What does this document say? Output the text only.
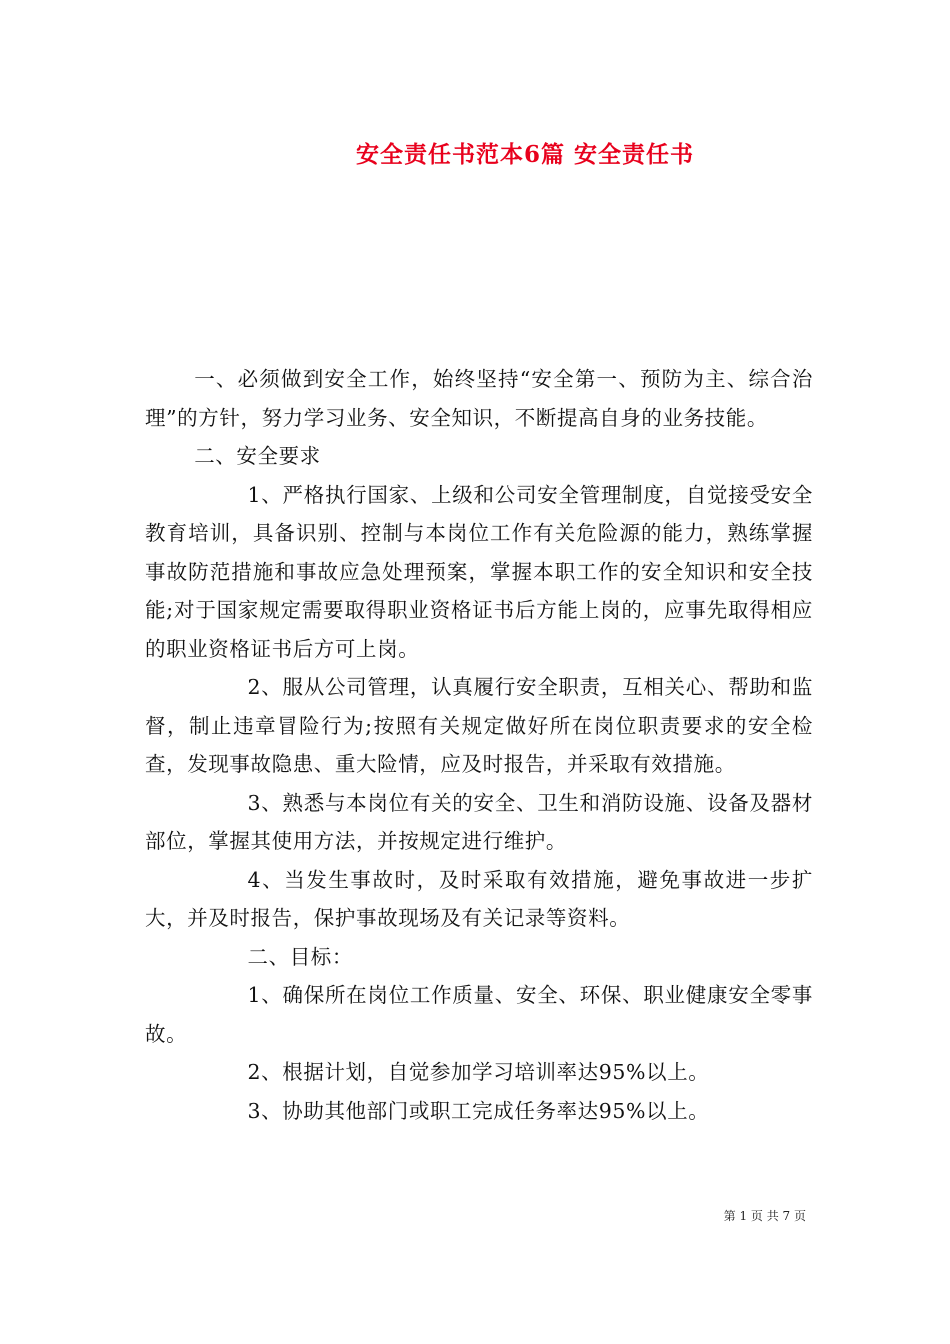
安全责任书范本6篇 安全责任书

一、必须做到安全工作，始终坚持“安全第一、预防为主、综合治理”的方针，努力学习业务、安全知识，不断提高自身的业务技能。

二、安全要求

1、严格执行国家、上级和公司安全管理制度，自觉接受安全教育培训，具备识别、控制与本岗位工作有关危险源的能力，熟练掌握事故防范措施和事故应急处理预案，掌握本职工作的安全知识和安全技能;对于国家规定需要取得职业资格证书后方能上岗的，应事先取得相应的职业资格证书后方可上岗。

2、服从公司管理，认真履行安全职责，互相关心、帮助和监督，制止违章冒险行为;按照有关规定做好所在岗位职责要求的安全检查，发现事故隐患、重大险情，应及时报告，并采取有效措施。

3、熟悉与本岗位有关的安全、卫生和消防设施、设备及器材部位，掌握其使用方法，并按规定进行维护。

4、当发生事故时，及时采取有效措施，避免事故进一步扩大，并及时报告，保护事故现场及有关记录等资料。

二、目标：

1、确保所在岗位工作质量、安全、环保、职业健康安全零事故。

2、根据计划，自觉参加学习培训率达95%以上。

3、协助其他部门或职工完成任务率达95%以上。

第 1 页 共 7 页
